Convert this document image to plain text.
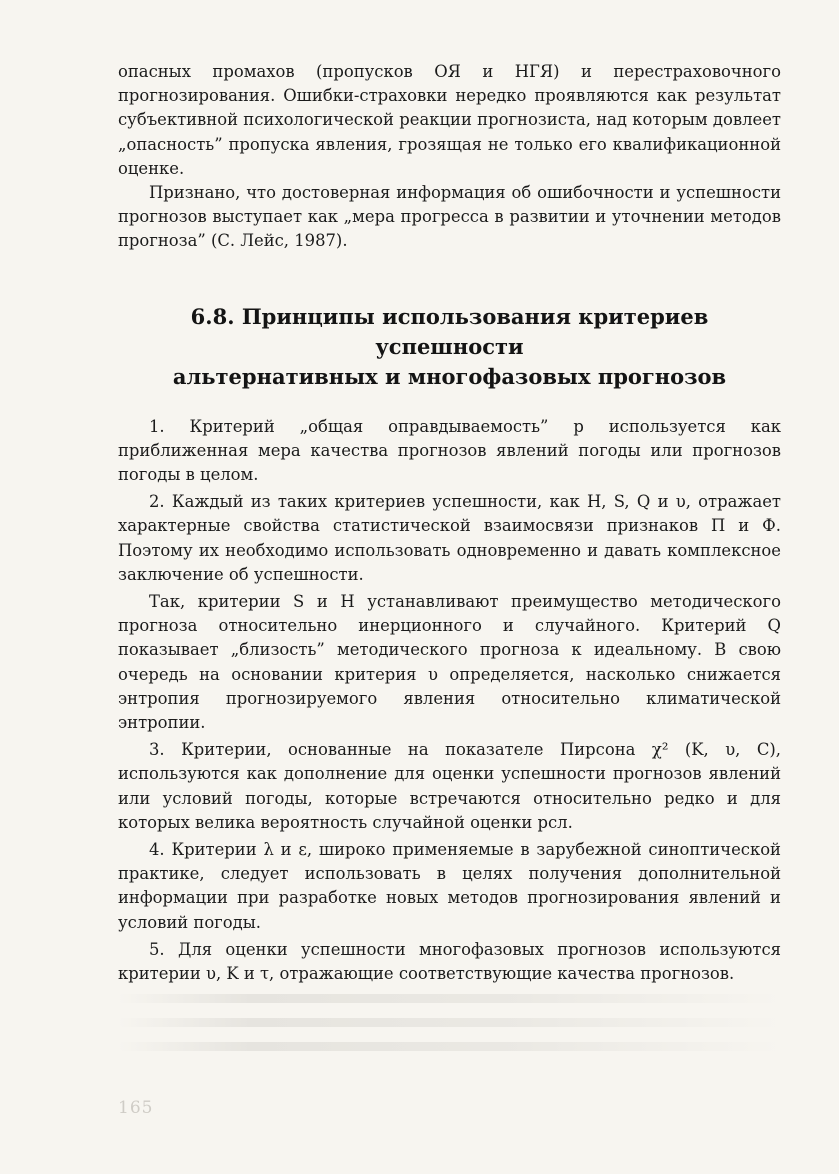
опасных промахов (пропусков ОЯ и НГЯ) и перестраховочного прогнозирования. Ошибки-страховки нередко проявляются как результат субъективной психологической реакции прогнозиста, над которым довлеет „опасность” пропуска явления, грозящая не только его квалификационной оценке.

Признано, что достоверная информация об ошибочности и успешности прогнозов выступает как „мера прогресса в развитии и уточнении методов прогноза” (С. Лейс, 1987).

6.8. Принципы использования критериев успешности
альтернативных и многофазовых прогнозов

1. Критерий „общая оправдываемость” p используется как приближенная мера качества прогнозов явлений погоды или прогнозов погоды в целом.

2. Каждый из таких критериев успешности, как H, S, Q и υ, отражает характерные свойства статистической взаимосвязи признаков П и Ф. Поэтому их необходимо использовать одновременно и давать комплексное заключение об успешности.

Так, критерии S и H устанавливают преимущество методического прогноза относительно инерционного и случайного. Критерий Q показывает „близость” методического прогноза к идеальному. В свою очередь на основании критерия υ определяется, насколько снижается энтропия прогнозируемого явления относительно климатической энтропии.

3. Критерии, основанные на показателе Пирсона χ² (K, υ, C), используются как дополнение для оценки успешности прогнозов явлений или условий погоды, которые встречаются относительно редко и для которых велика вероятность случайной оценки pсл.

4. Критерии λ и ε, широко применяемые в зарубежной синоптической практике, следует использовать в целях получения дополнительной информации при разработке новых методов прогнозирования явлений и условий погоды.

5. Для оценки успешности многофазовых прогнозов используются критерии υ, K и τ, отражающие соответствующие качества прогнозов.

165
